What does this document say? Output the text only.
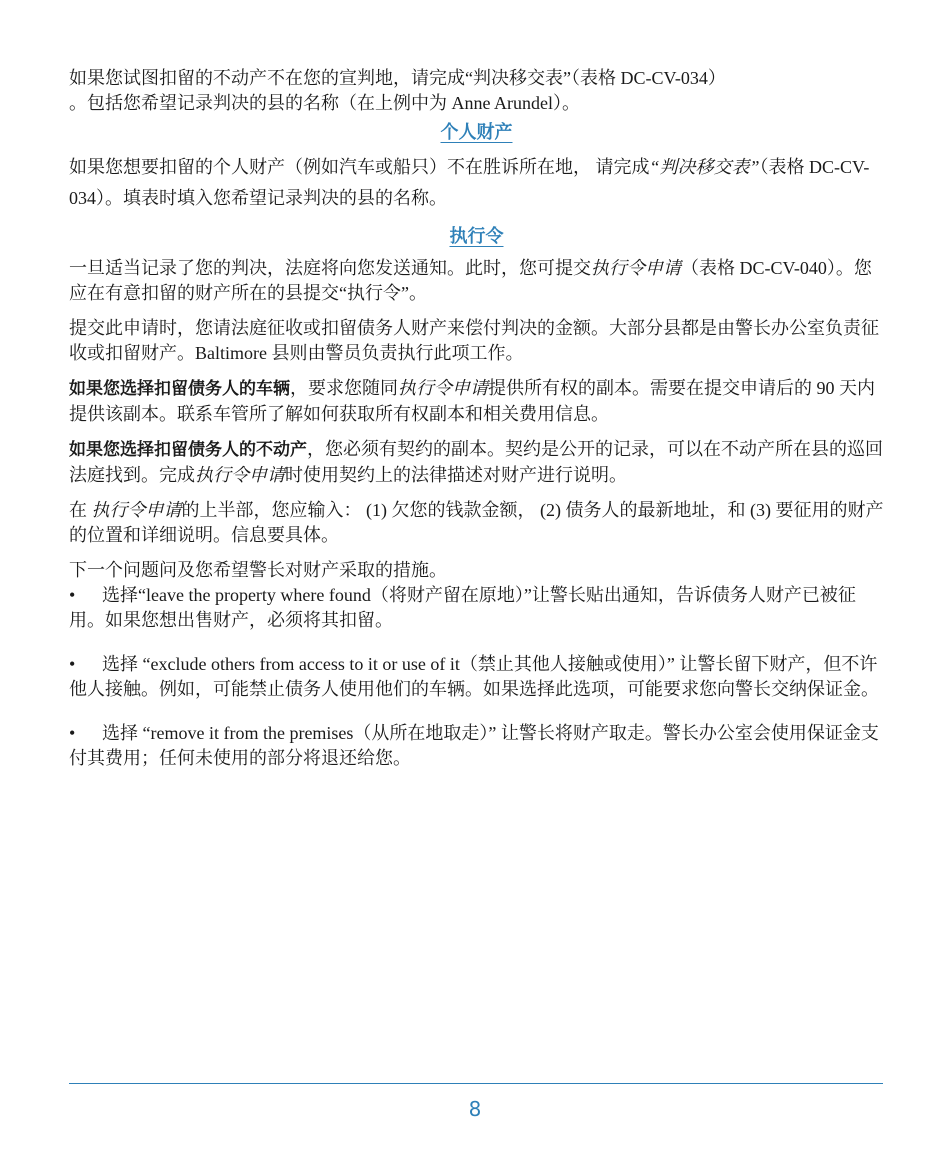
如果您试图扣留的不动产不在您的宣判地，请完成“判决移交表”（表格 DC-CV-034）
。包括您希望记录判决的县的名称（在上例中为 Anne Arundel）。

个人财产

如果您想要扣留的个人财产（例如汽车或船只）不在胜诉所在地， 请完成“判决移交表”（表格 DC-CV-034）。填表时填入您希望记录判决的县的名称。

执行令

一旦适当记录了您的判决，法庭将向您发送通知。此时，您可提交执行令申请（表格 DC-CV-040）。您应在有意扣留的财产所在的县提交“执行令”。

提交此申请时，您请法庭征收或扣留债务人财产来偿付判决的金额。大部分县都是由警长办公室负责征收或扣留财产。Baltimore 县则由警员负责执行此项工作。

如果您选择扣留债务人的车辆，要求您随同执行令申请提供所有权的副本。需要在提交申请后的 90 天内提供该副本。联系车管所了解如何获取所有权副本和相关费用信息。

如果您选择扣留债务人的不动产，您必须有契约的副本。契约是公开的记录，可以在不动产所在县的巡回法庭找到。完成执行令申请时使用契约上的法律描述对财产进行说明。

在 执行令申请的上半部，您应输入： (1) 欠您的钱款金额， (2) 债务人的最新地址，和 (3) 要征用的财产的位置和详细说明。信息要具体。

下一个问题问及您希望警长对财产采取的措施。

• 选择“leave the property where found（将财产留在原地）”让警长贴出通知，告诉债务人财产已被征用。如果您想出售财产，必须将其扣留。
• 选择 “exclude others from access to it or use of it（禁止其他人接触或使用）” 让警长留下财产，但不许他人接触。例如，可能禁止债务人使用他们的车辆。如果选择此选项，可能要求您向警长交纳保证金。
• 选择 “remove it from the premises（从所在地取走）” 让警长将财产取走。警长办公室会使用保证金支付其费用；任何未使用的部分将退还给您。
8
